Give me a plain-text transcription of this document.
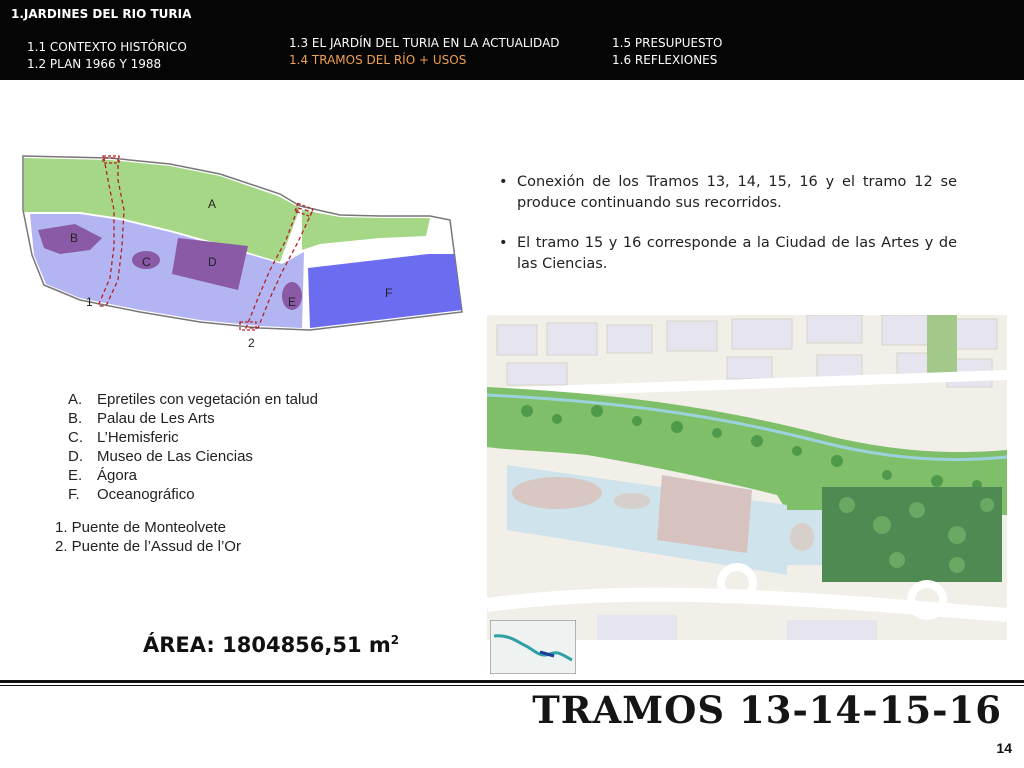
1.JARDINES DEL RIO TURIA
1.1 CONTEXTO HISTÓRICO
1.2 PLAN 1966 Y 1988
1.3 EL JARDÍN DEL TURIA EN LA ACTUALIDAD
1.4 TRAMOS DEL RÍO + USOS
1.5 PRESUPUESTO
1.6 REFLEXIONES
A
B
C	D
E
F
1
2
A. Epretiles con vegetación en talud
B. Palau de Les Arts
C. L’Hemisferic
D. Museo de Las Ciencias
E. Ágora
F. Oceanográfico
1. Puente de Monteolvete
2. Puente de l’Assud de l’Or
ÁREA: 1804856,51 $m^2$
• Conexión de los Tramos 13, 14, 15, 16 y el tramo 12 se produce continuando sus recorridos.
• El tramo 15 y 16 corresponde a la Ciudad de las Artes y de las Ciencias.
TRAMOS 13-14-15-16
14
